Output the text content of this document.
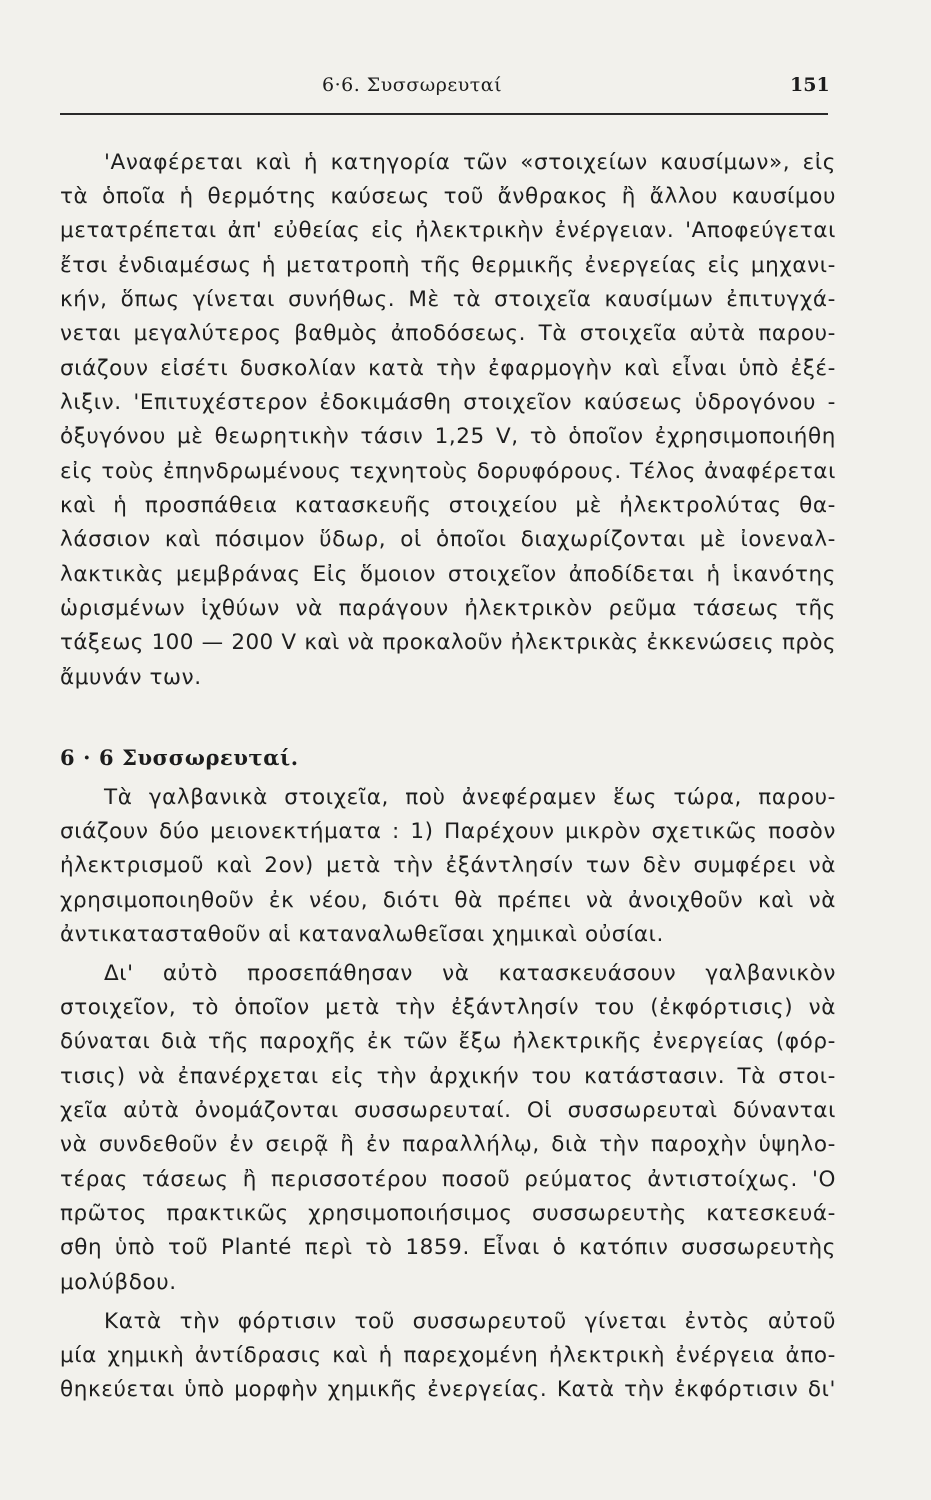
6·6. Συσσωρευταί	151
'Αναφέρεται καὶ ἡ κατηγορία τῶν «στοιχείων καυσίμων», εἰς
τὰ ὁποῖα ἡ θερμότης καύσεως τοῦ ἄνθρακος ἢ ἄλλου καυσίμου
μετατρέπεται ἀπ' εὐθείας εἰς ἠλεκτρικὴν ἐνέργειαν. 'Αποφεύγεται
ἔτσι ἐνδιαμέσως ἡ μετατροπὴ τῆς θερμικῆς ἐνεργείας εἰς μηχανι-
κήν, ὅπως γίνεται συνήθως. Μὲ τὰ στοιχεῖα καυσίμων ἐπιτυγχά-
νεται μεγαλύτερος βαθμὸς ἀποδόσεως. Τὰ στοιχεῖα αὐτὰ παρου-
σιάζουν εἰσέτι δυσκολίαν κατὰ τὴν ἐφαρμογὴν καὶ εἶναι ὑπὸ ἐξέ-
λιξιν. 'Επιτυχέστερον ἐδοκιμάσθη στοιχεῖον καύσεως ὑδρογόνου -
ὀξυγόνου μὲ θεωρητικὴν τάσιν 1,25 V, τὸ ὁποῖον ἐχρησιμοποιήθη
εἰς τοὺς ἐπηνδρωμένους τεχνητοὺς δορυφόρους. Τέλος ἀναφέρεται
καὶ ἡ προσπάθεια κατασκευῆς στοιχείου μὲ ἠλεκτρολύτας θα-
λάσσιον καὶ πόσιμον ὕδωρ, οἱ ὁποῖοι διαχωρίζονται μὲ ἰονεναλ-
λακτικὰς μεμβράνας Εἰς ὅμοιον στοιχεῖον ἀποδίδεται ἡ ἱκανότης
ὡρισμένων ἰχθύων νὰ παράγουν ἠλεκτρικὸν ρεῦμα τάσεως τῆς
τάξεως 100 — 200 V καὶ νὰ προκαλοῦν ἠλεκτρικὰς ἐκκενώσεις πρὸς
ἄμυνάν των.
6 · 6 Συσσωρευταί.
Τὰ γαλβανικὰ στοιχεῖα, ποὺ ἀνεφέραμεν ἕως τώρα, παρου-
σιάζουν δύο μειονεκτήματα : 1) Παρέχουν μικρὸν σχετικῶς ποσὸν
ἠλεκτρισμοῦ καὶ 2ον) μετὰ τὴν ἐξάντλησίν των δὲν συμφέρει νὰ
χρησιμοποιηθοῦν ἐκ νέου, διότι θὰ πρέπει νὰ ἀνοιχθοῦν καὶ νὰ
ἀντικατασταθοῦν αἱ καταναλωθεῖσαι χημικαὶ οὐσίαι.
Δι' αὐτὸ προσεπάθησαν νὰ κατασκευάσουν γαλβανικὸν
στοιχεῖον, τὸ ὁποῖον μετὰ τὴν ἐξάντλησίν του (ἐκφόρτισις) νὰ
δύναται διὰ τῆς παροχῆς ἐκ τῶν ἔξω ἠλεκτρικῆς ἐνεργείας (φόρ-
τισις) νὰ ἐπανέρχεται εἰς τὴν ἀρχικήν του κατάστασιν. Τὰ στοι-
χεῖα αὐτὰ ὀνομάζονται συσσωρευταί. Οἱ συσσωρευταὶ δύνανται
νὰ συνδεθοῦν ἐν σειρᾷ ἢ ἐν παραλλήλῳ, διὰ τὴν παροχὴν ὑψηλο-
τέρας τάσεως ἢ περισσοτέρου ποσοῦ ρεύματος ἀντιστοίχως. 'Ο
πρῶτος πρακτικῶς χρησιμοποιήσιμος συσσωρευτὴς κατεσκευά-
σθη ὑπὸ τοῦ Planté περὶ τὸ 1859. Εἶναι ὁ κατόπιν συσσωρευτὴς
μολύβδου.
Κατὰ τὴν φόρτισιν τοῦ συσσωρευτοῦ γίνεται ἐντὸς αὐτοῦ
μία χημικὴ ἀντίδρασις καὶ ἡ παρεχομένη ἠλεκτρικὴ ἐνέργεια ἀπο-
θηκεύεται ὑπὸ μορφὴν χημικῆς ἐνεργείας. Κατὰ τὴν ἐκφόρτισιν δι'
